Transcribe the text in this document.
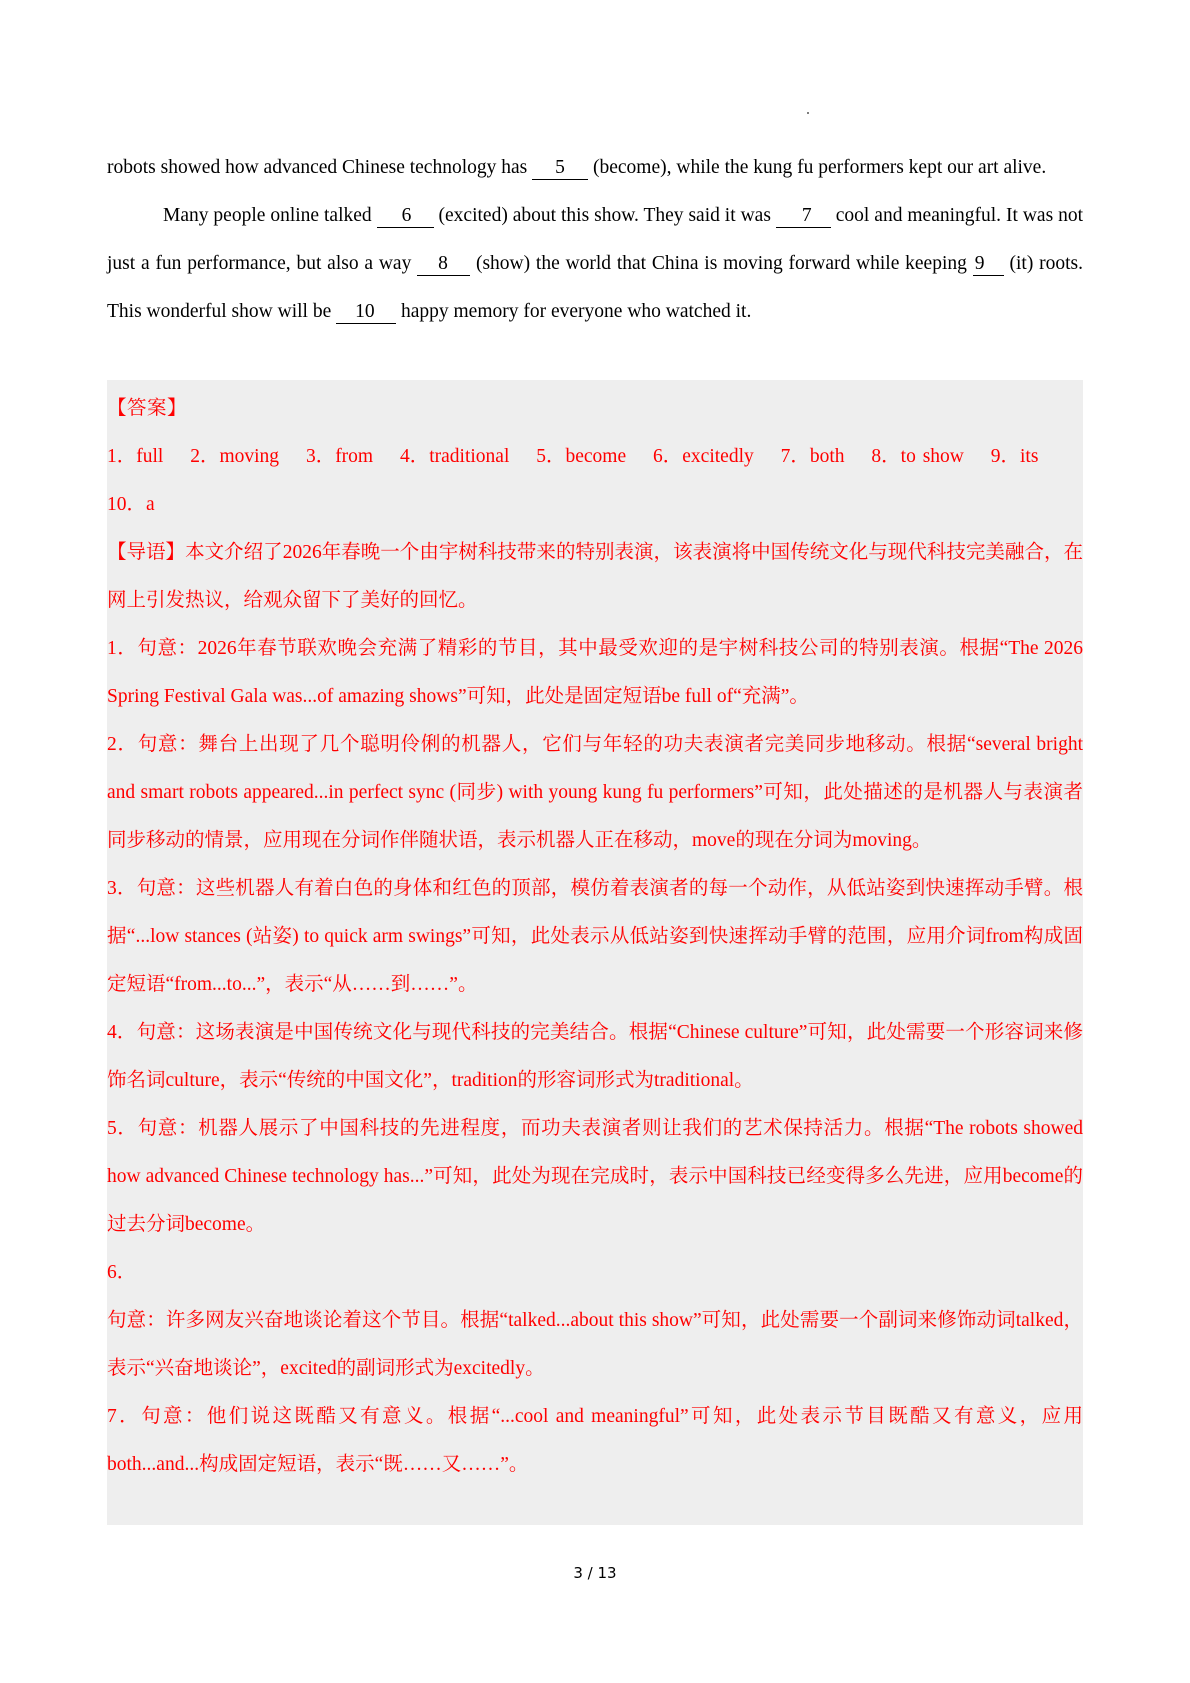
robots showed how advanced Chinese technology has 5 (become), while the kung fu performers kept our art alive.

Many people online talked 6 (excited) about this show. They said it was 7 cool and meaningful. It was not just a fun performance, but also a way 8 (show) the world that China is moving forward while keeping 9 (it) roots. This wonderful show will be 10 happy memory for everyone who watched it.

【答案】

1．full 2．moving 3．from 4．traditional 5．become 6．excitedly 7．both 8．to show 9．its

10．a

【导语】本文介绍了2026年春晚一个由宇树科技带来的特别表演，该表演将中国传统文化与现代科技完美融合，在网上引发热议，给观众留下了美好的回忆。

1．句意：2026年春节联欢晚会充满了精彩的节目，其中最受欢迎的是宇树科技公司的特别表演。根据“The 2026 Spring Festival Gala was...of amazing shows”可知，此处是固定短语be full of“充满”。

2．句意：舞台上出现了几个聪明伶俐的机器人，它们与年轻的功夫表演者完美同步地移动。根据“several bright and smart robots appeared...in perfect sync (同步) with young kung fu performers”可知，此处描述的是机器人与表演者同步移动的情景，应用现在分词作伴随状语，表示机器人正在移动，move的现在分词为moving。

3．句意：这些机器人有着白色的身体和红色的顶部，模仿着表演者的每一个动作，从低站姿到快速挥动手臂。根据“...low stances (站姿) to quick arm swings”可知，此处表示从低站姿到快速挥动手臂的范围，应用介词from构成固定短语“from...to...”，表示“从……到……”。

4．句意：这场表演是中国传统文化与现代科技的完美结合。根据“Chinese culture”可知，此处需要一个形容词来修饰名词culture，表示“传统的中国文化”，tradition的形容词形式为traditional。

5．句意：机器人展示了中国科技的先进程度，而功夫表演者则让我们的艺术保持活力。根据“The robots showed how advanced Chinese technology has...”可知，此处为现在完成时，表示中国科技已经变得多么先进，应用become的过去分词become。

6．

句意：许多网友兴奋地谈论着这个节目。根据“talked...about this show”可知，此处需要一个副词来修饰动词talked，表示“兴奋地谈论”，excited的副词形式为excitedly。

7．句意：他们说这既酷又有意义。根据“...cool and meaningful”可知，此处表示节目既酷又有意义，应用both...and...构成固定短语，表示“既……又……”。

3 / 13
